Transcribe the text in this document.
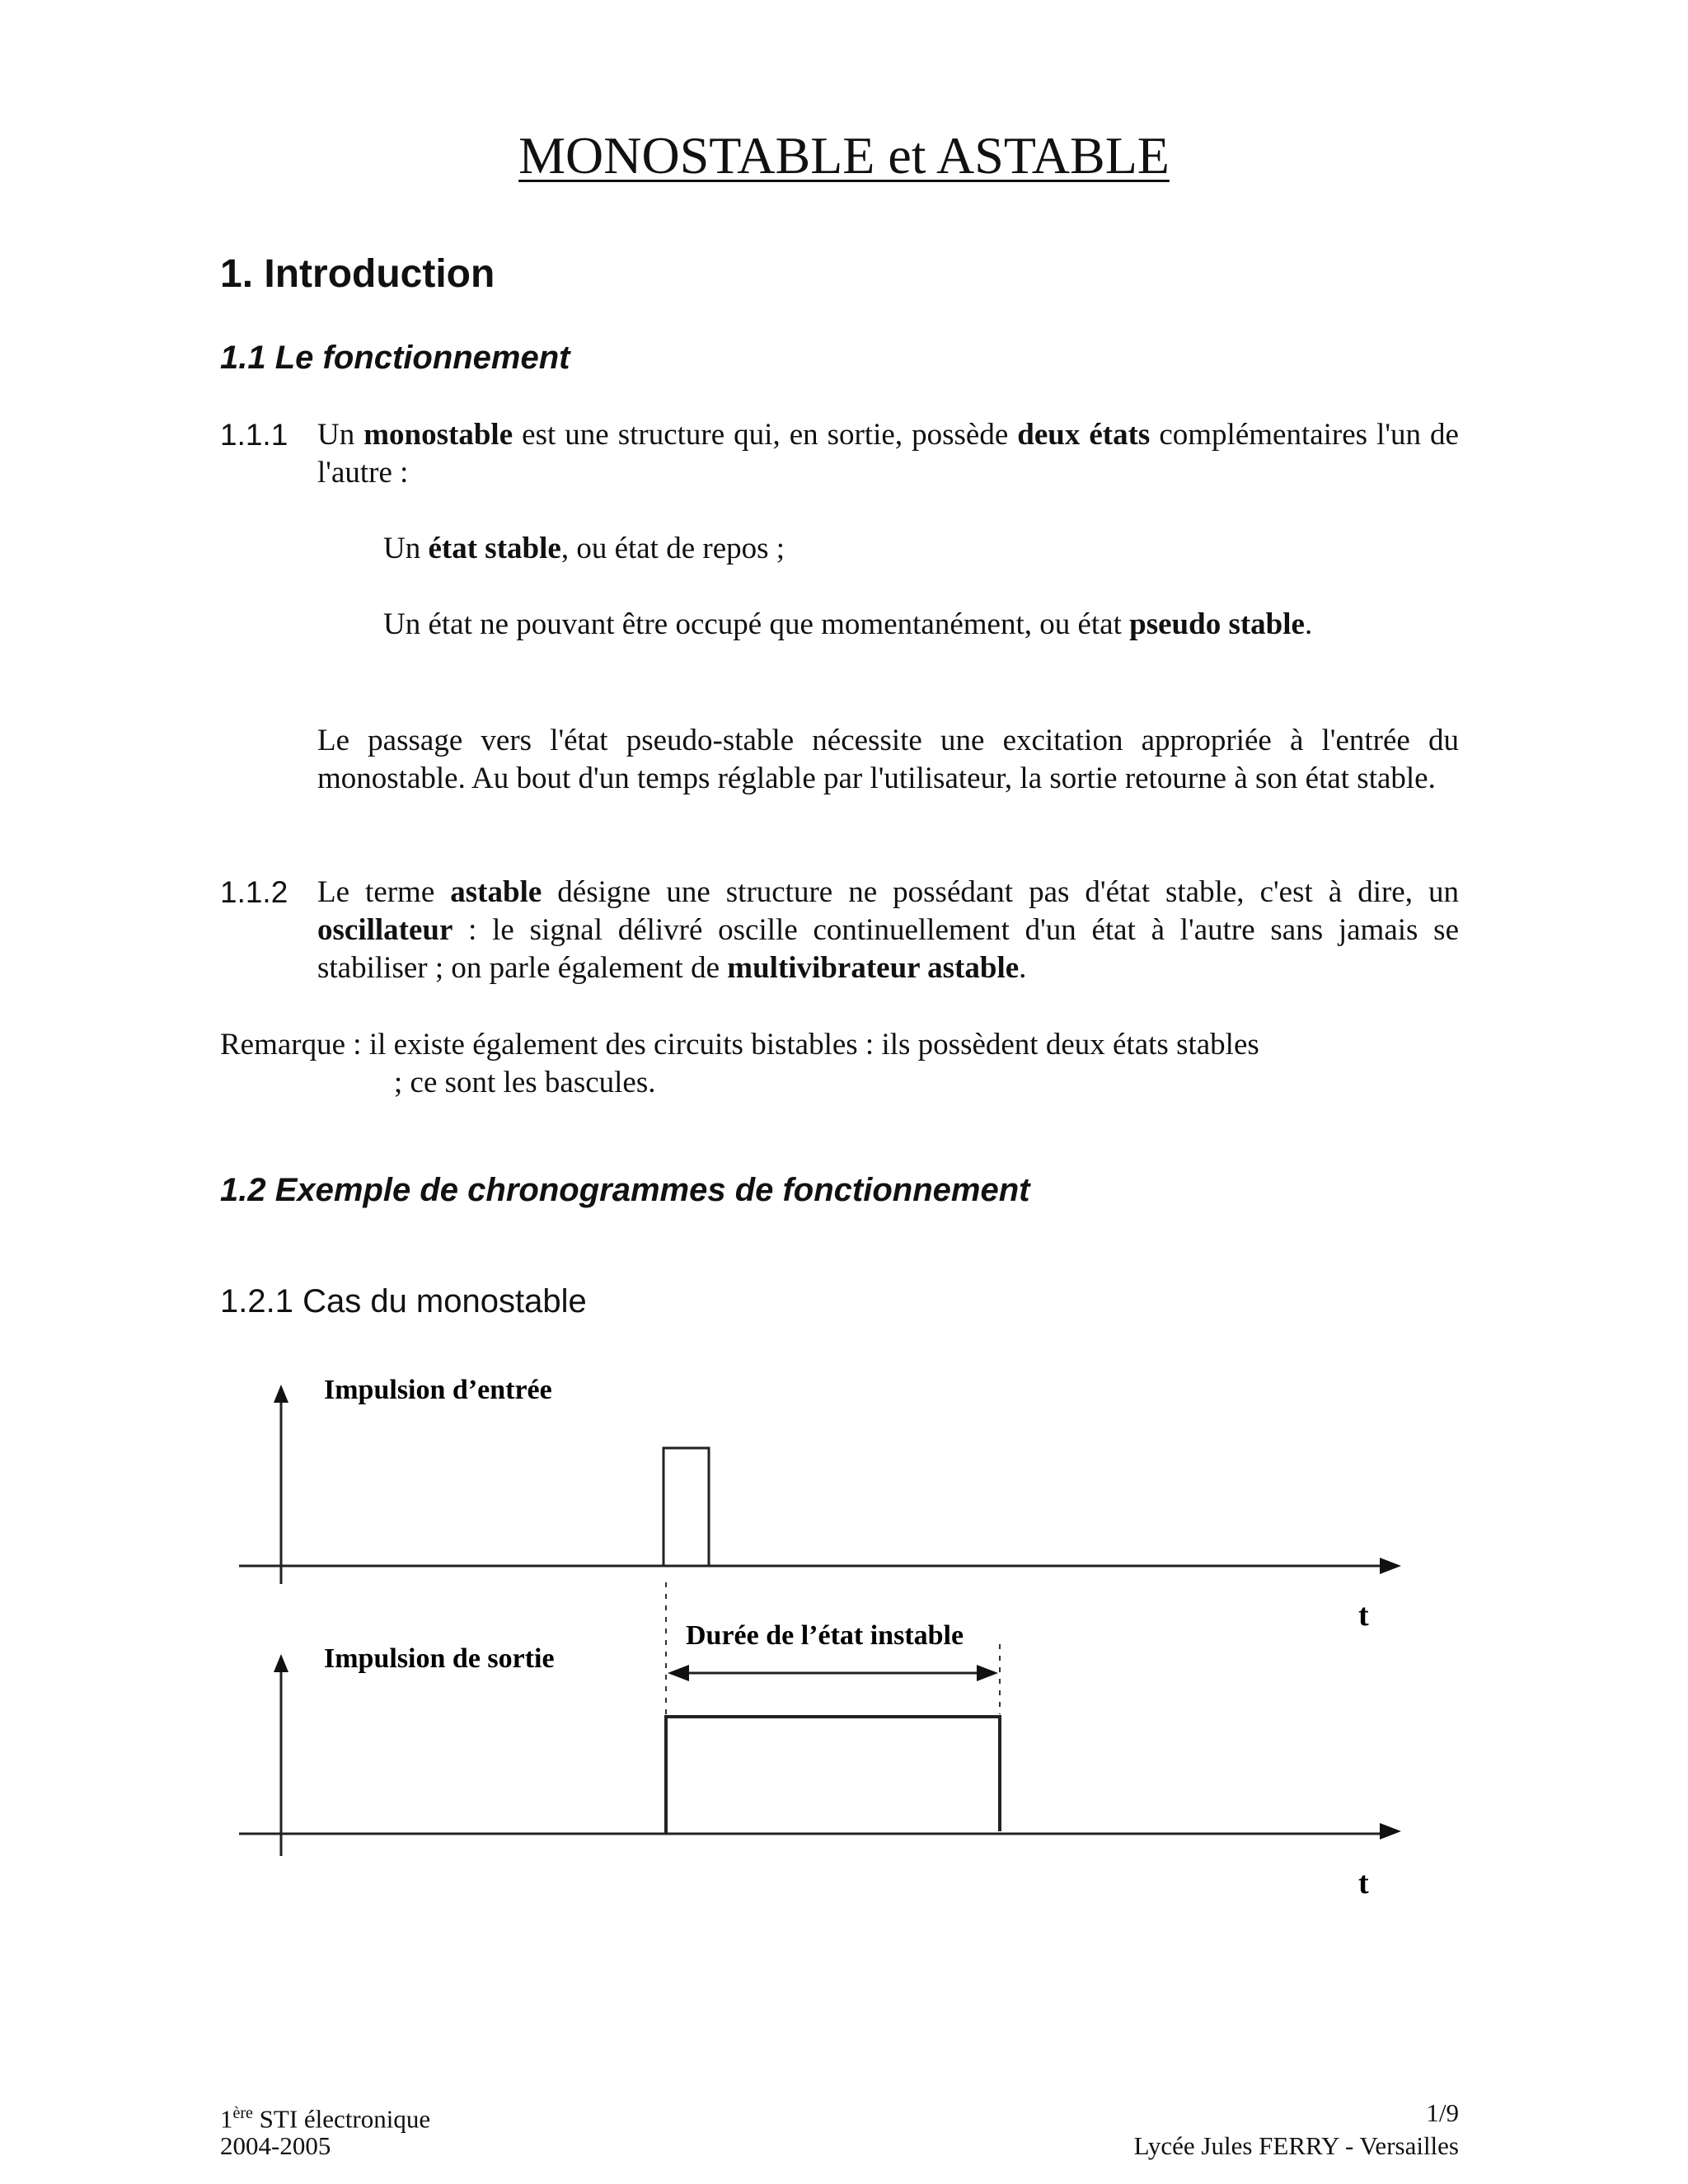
MONOSTABLE et ASTABLE
1. Introduction
1.1 Le fonctionnement
1.1.1 Un monostable est une structure qui, en sortie, possède deux états complémentaires l'un de l'autre :
Un état stable, ou état de repos ;
Un état ne pouvant être occupé que momentanément, ou état pseudo stable.
Le passage vers l'état pseudo-stable nécessite une excitation appropriée à l'entrée du monostable. Au bout d'un temps réglable par l'utilisateur, la sortie retourne à son état stable.
1.1.2 Le terme astable désigne une structure ne possédant pas d'état stable, c'est à dire, un oscillateur : le signal délivré oscille continuellement d'un état à l'autre sans jamais se stabiliser ; on parle également de multivibrateur astable.
Remarque : il existe également des circuits bistables : ils possèdent deux états stables
; ce sont les bascules.
1.2 Exemple de chronogrammes de fonctionnement
1.2.1 Cas du monostable
Impulsion d’entrée
Impulsion de sortie
Durée de l’état instable
t
t
1ère STI électronique
2004-2005
1/9
Lycée Jules FERRY - Versailles
